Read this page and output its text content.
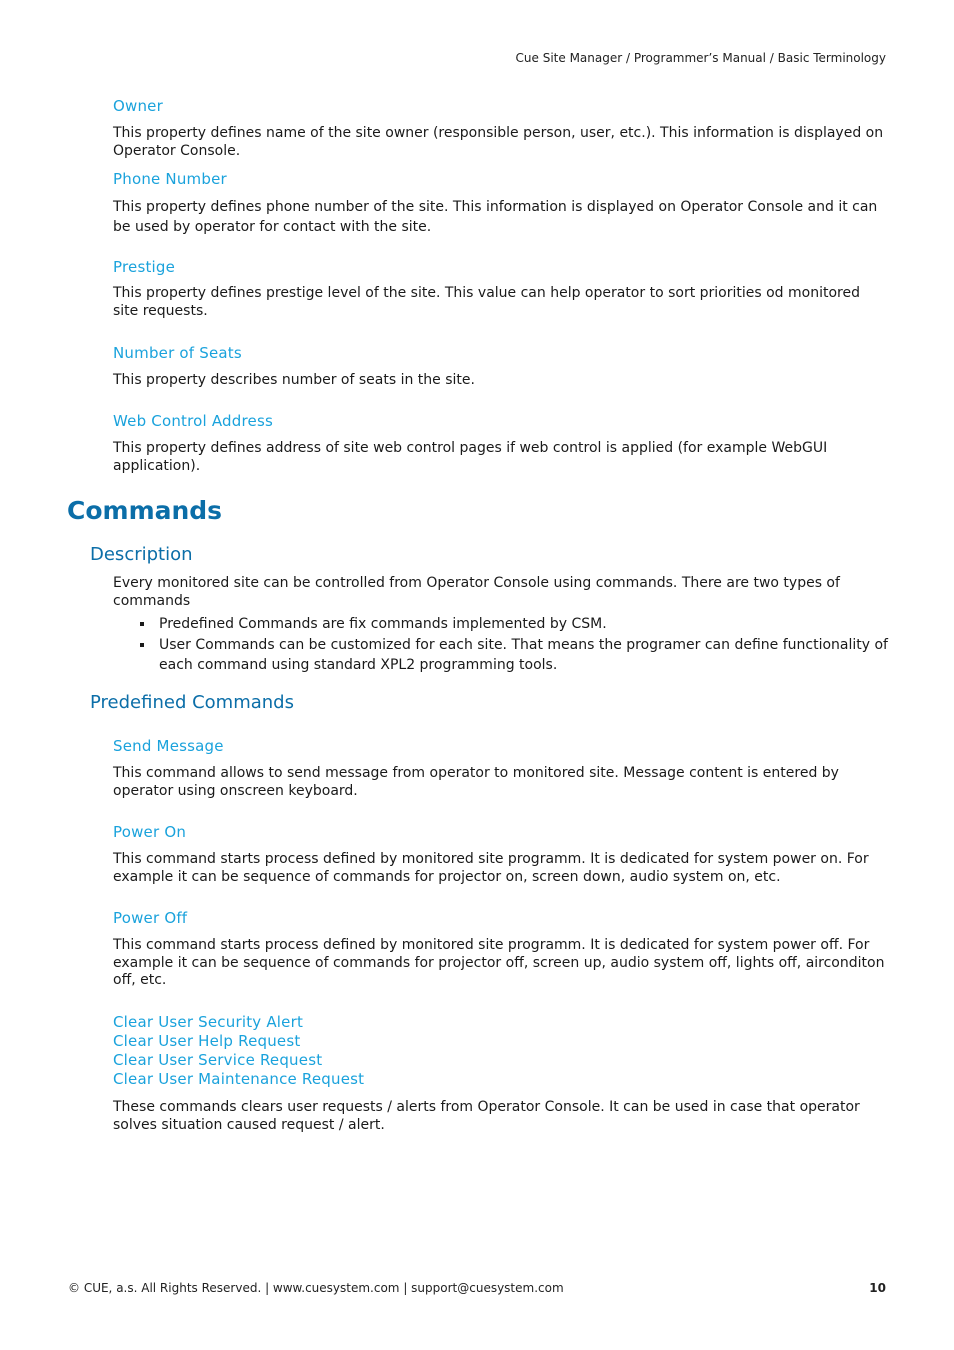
Cue Site Manager / Programmer’s Manual / Basic Terminology
Owner

This property defines name of the site owner (responsible person, user, etc.). This information is displayed on Operator Console.

Phone Number

This property defines phone number of the site. This information is displayed on Operator Console and it can be used by operator for contact with the site.

Prestige

This property defines prestige level of the site. This value can help operator to sort priorities od monitored site requests.

Number of Seats

This property describes number of seats in the site.

Web Control Address

This property defines address of site web control pages if web control is applied (for example WebGUI application).

Commands
Description

Every monitored site can be controlled from Operator Console using commands. There are two types of commands

Predefined Commands are fix commands implemented by CSM.
User Commands can be customized for each site. That means the programer can define functionality of each command using standard XPL2 programming tools.
Predefined Commands
Send Message

This command allows to send message from operator to monitored site. Message content is entered by operator using onscreen keyboard.

Power On

This command starts process defined by monitored site programm. It is dedicated for system power on. For example it can be sequence of commands for projector on, screen down, audio system on, etc.

Power Off

This command starts process defined by monitored site programm. It is dedicated for system power off. For example it can be sequence of commands for projector off, screen up, audio system off, lights off, airconditon off, etc.

Clear User Security Alert
Clear User Help Request
Clear User Service Request
Clear User Maintenance Request

These commands clears user requests / alerts from Operator Console. It can be used in case that operator solves situation caused request / alert.

© CUE, a.s. All Rights Reserved. | www.cuesystem.com | support@cuesystem.com	10
